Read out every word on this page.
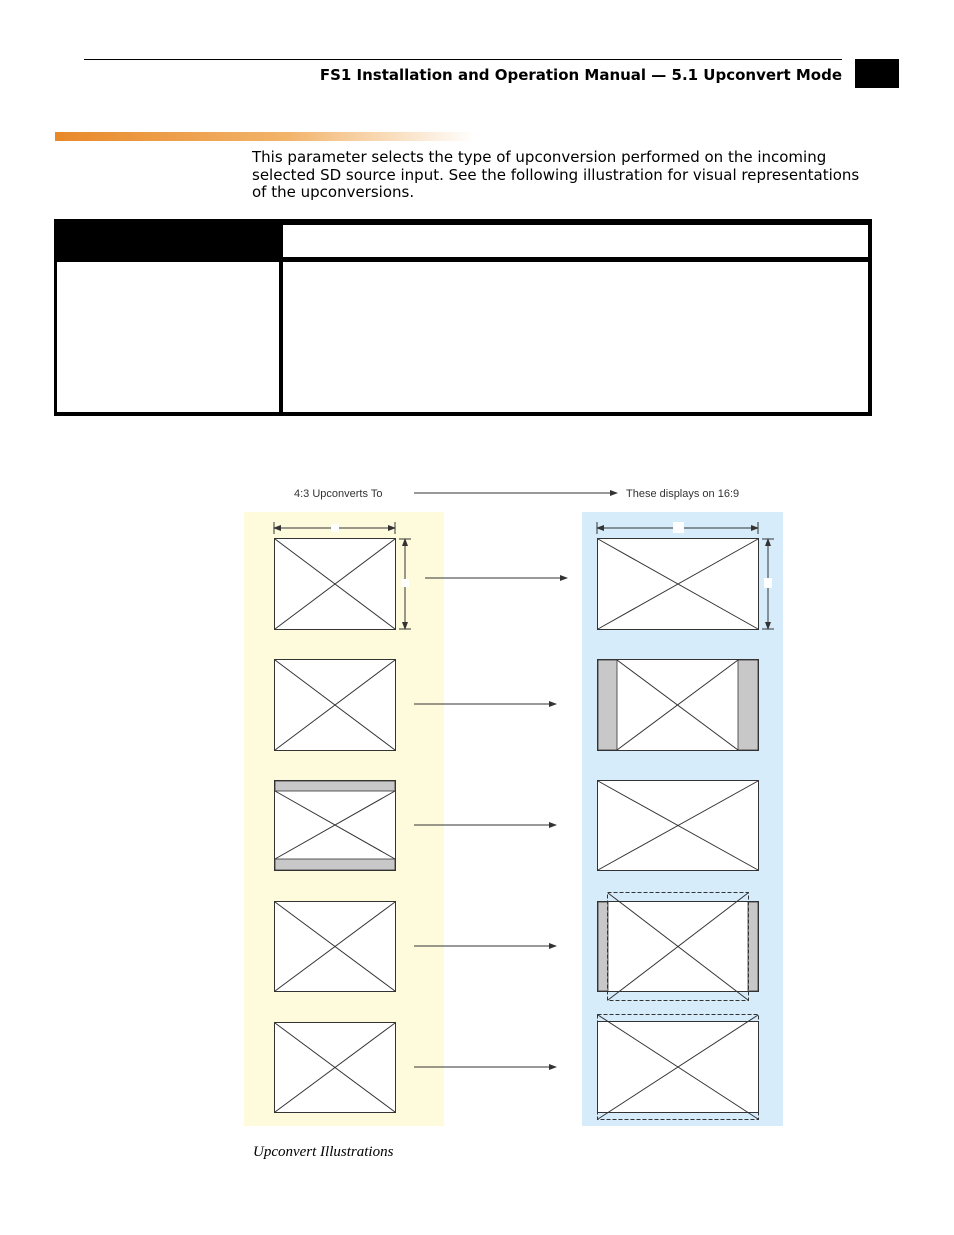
FS1 Installation and Operation Manual — 5.1 Upconvert Mode
This parameter selects the type of upconversion performed on the incoming selected SD source input. See the following illustration for visual representations of the upconversions.
4:3 Upconverts To	These displays on 16:9
Upconvert Illustrations
